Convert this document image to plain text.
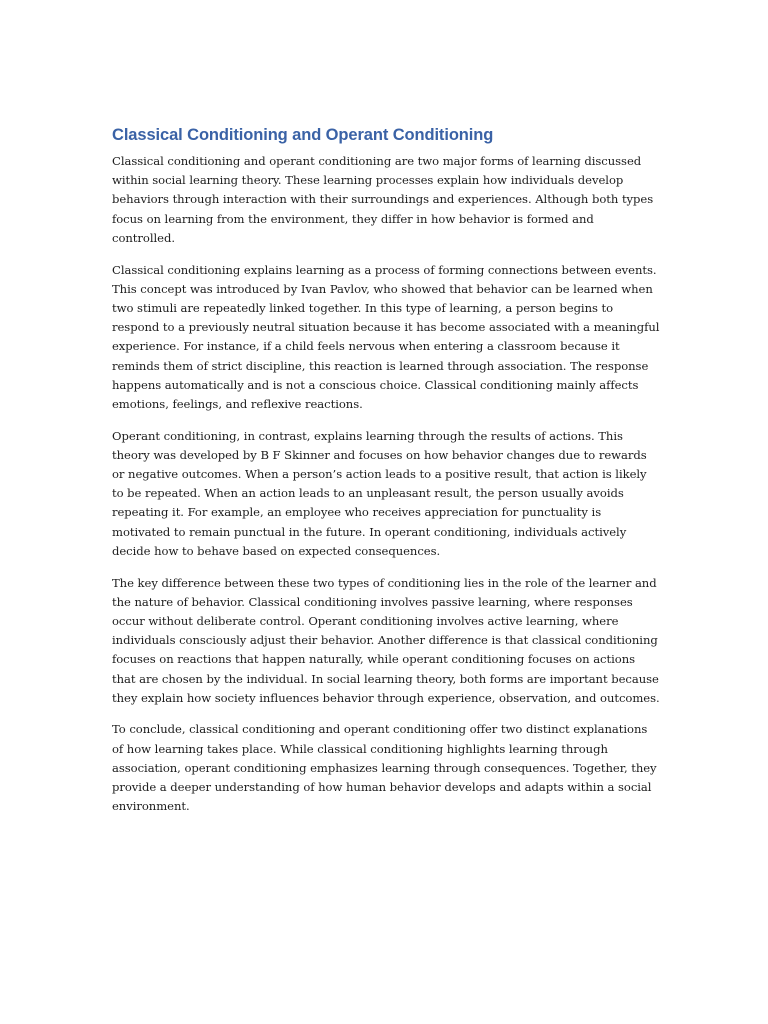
Classical Conditioning and Operant Conditioning

Classical conditioning and operant conditioning are two major forms of learning discussed within social learning theory. These learning processes explain how individuals develop behaviors through interaction with their surroundings and experiences. Although both types focus on learning from the environment, they differ in how behavior is formed and controlled.

Classical conditioning explains learning as a process of forming connections between events. This concept was introduced by Ivan Pavlov, who showed that behavior can be learned when two stimuli are repeatedly linked together. In this type of learning, a person begins to respond to a previously neutral situation because it has become associated with a meaningful experience. For instance, if a child feels nervous when entering a classroom because it reminds them of strict discipline, this reaction is learned through association. The response happens automatically and is not a conscious choice. Classical conditioning mainly affects emotions, feelings, and reflexive reactions.

Operant conditioning, in contrast, explains learning through the results of actions. This theory was developed by B F Skinner and focuses on how behavior changes due to rewards or negative outcomes. When a person’s action leads to a positive result, that action is likely to be repeated. When an action leads to an unpleasant result, the person usually avoids repeating it. For example, an employee who receives appreciation for punctuality is motivated to remain punctual in the future. In operant conditioning, individuals actively decide how to behave based on expected consequences.

The key difference between these two types of conditioning lies in the role of the learner and the nature of behavior. Classical conditioning involves passive learning, where responses occur without deliberate control. Operant conditioning involves active learning, where individuals consciously adjust their behavior. Another difference is that classical conditioning focuses on reactions that happen naturally, while operant conditioning focuses on actions that are chosen by the individual. In social learning theory, both forms are important because they explain how society influences behavior through experience, observation, and outcomes.

To conclude, classical conditioning and operant conditioning offer two distinct explanations of how learning takes place. While classical conditioning highlights learning through association, operant conditioning emphasizes learning through consequences. Together, they provide a deeper understanding of how human behavior develops and adapts within a social environment.
